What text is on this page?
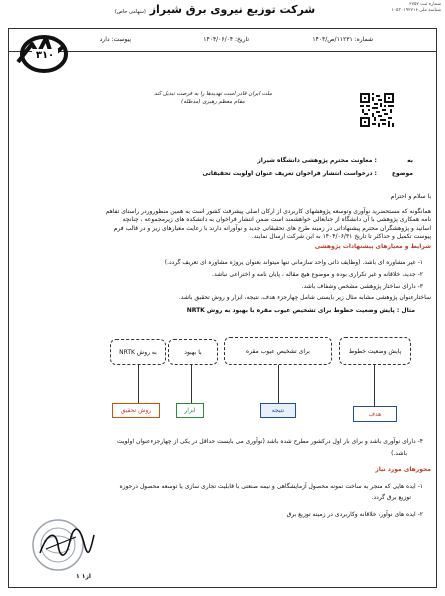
شماره ثبت ۲۷۵۷
شناسه ملی ۱۰۵۳۰۱۹۲۷۱۶
شرکت توزیع نیروی برق شیراز (سهامی خاص)
۳۱۰
شماره: ۱۱۲۳۱/ص/۱۴۰۴
تاریخ: ۱۴۰۴/۰۶/۰۴
پیوست: دارد
ملت ایران قادر است تهدیدها را به فرصت تبدیل کند
مقام معظم رهبری (مدظله)
به : معاونت محترم پژوهشی دانشگاه شیراز
موضوع : درخواست انتشار فراخوان تعریف عنوان اولویت تحقیقاتی
با سلام و احترام
همانگونه که مستحضرید نوآوری وتوسعه پژوهشهای کاربردی از ارکان اصلی پیشرفت کشور است به همین منظوروردر راستای تفاهم
نامه همکاری پژوهشی با آن دانشگاه از جنابعالی خواهشمند است ضمن انتشار فراخوان به دانشکده های زیرمجموعه ، چنانچه
اساتید و پژوهشگران محترم پیشنهاداتی در زمینه طرح های تحقیقاتی جدید و نوآورانه دارند با رعایت معیارهای زیر و در قالب فرم
پیوست تکمیل و حداکثر تا تاریخ ۱۴۰۴/۰۶/۳۱ به این شرکت ارسال نمایند.
شرایط و معیارهای پیشنهادات پژوهشی
۱- غیر مشاوره ای باشد. (وظایف ذاتی واحد سازمانی تنها میتواند بعنوان پروژه مشاوره ای تعریف گردد.)
۲- جدید، خلاقانه و غیر تکراری بوده و موضوع هیچ مقاله ، پایان نامه و اختراعی نباشد.
۳- دارای ساختار پژوهشی مشخص وشفاف باشد.
ساختارعنوان پژوهشی مشابه مثال زیر بایستی شامل چهارجزء هدف، نتیجه، ابزار و روش تحقیق باشد.
مثال : پایش وضعیت خطوط برای تشخیص عیوب مقره با بهبود به روش NRTK
پایش وضعیت خطوط
برای تشخیص عیوب مقره
با بهبود
به روش NRTK
هدف
نتیجه
ابزار
روش تحقیق
۴- دارای نوآوری باشد و برای بار اول درکشور مطرح شده باشد (نوآوری می بایست حداقل در یکی از چهارجزءعنوان اولویت
باشد.)
محورهای مورد نیاز
۱- ایده هایی که منجر به ساخت نمونه محصول آزمایشگاهی و نیمه صنعتی با قابلیت تجاری سازی یا توسعه محصول درحوزه
توزیع برق گردد.
۲- ایده های نوآور، خلاقانه وکاربردی در زمینه توزیع برق
از۱ ۱
